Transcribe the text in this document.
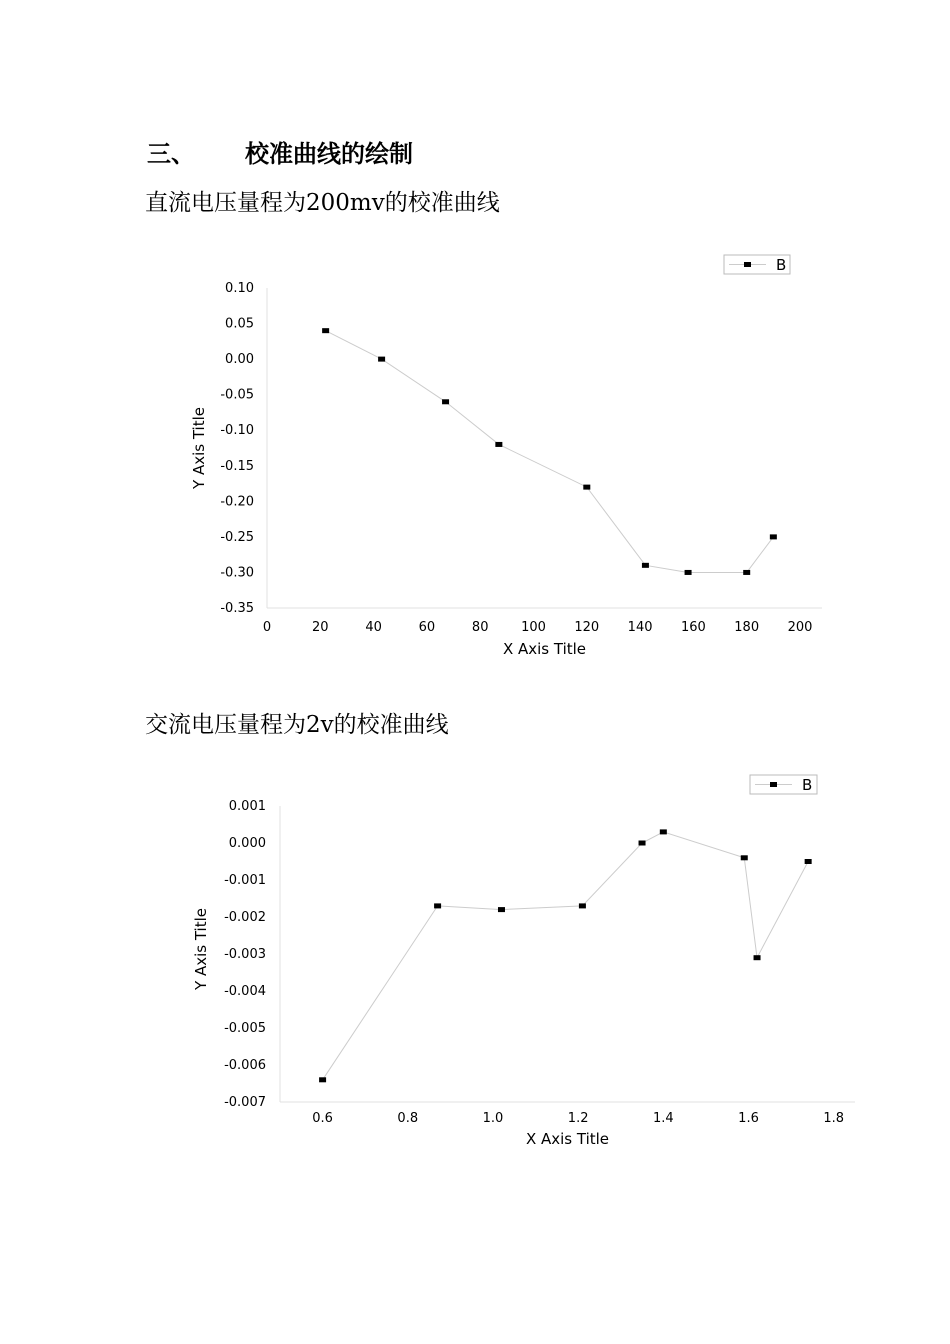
三、 校准曲线的绘制
直流电压量程为200mv的校准曲线
0.10
0.05
0.00
-0.05
-0.10
-0.15
-0.20
-0.25
-0.30
-0.35
0	20	40	60	80	100 120 140 160 180 200
X Axis Title
Y Axis Title
B
交流电压量程为2v的校准曲线
0.001
0.000
-0.001
-0.002
-0.003
-0.004
-0.005
-0.006
-0.007
0.6	0.8	1.0	1.2	1.4	1.6	1.8
X Axis Title
Y Axis Title
B
